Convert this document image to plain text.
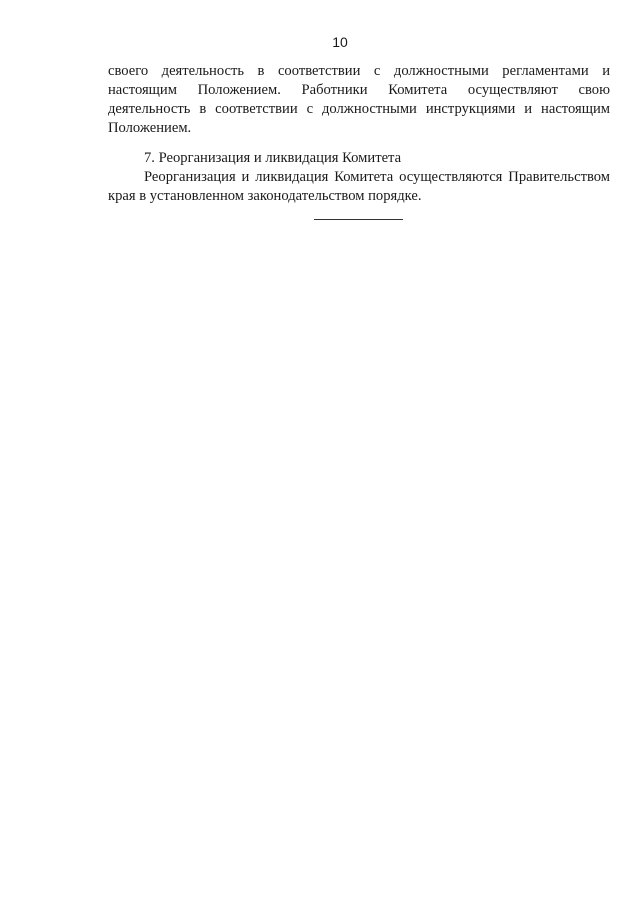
10

своего деятельность в соответствии с должностными регламентами и настоящим Положением. Работники Комитета осуществляют свою деятельность в соответствии с должностными инструкциями и настоящим Положением.

7. Реорганизация и ликвидация Комитета

Реорганизация и ликвидация Комитета осуществляются Правительством края в установленном законодательством порядке.
